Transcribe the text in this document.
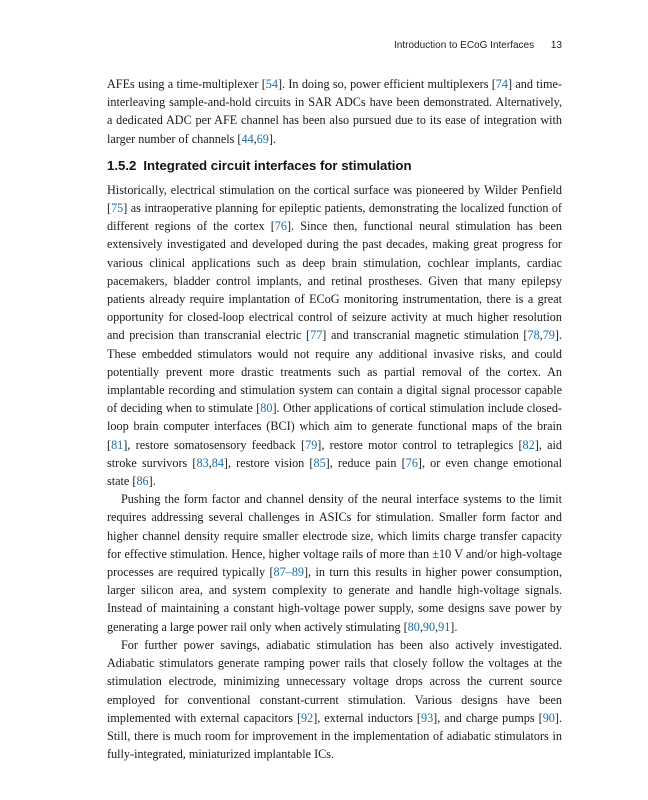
Introduction to ECoG Interfaces 13

AFEs using a time-multiplexer [54]. In doing so, power efficient multiplexers [74] and time-interleaving sample-and-hold circuits in SAR ADCs have been demonstrated. Alternatively, a dedicated ADC per AFE channel has been also pursued due to its ease of integration with larger number of channels [44,69].

1.5.2 Integrated circuit interfaces for stimulation

Historically, electrical stimulation on the cortical surface was pioneered by Wilder Penfield [75] as intraoperative planning for epileptic patients, demonstrating the localized function of different regions of the cortex [76]. Since then, functional neural stimulation has been extensively investigated and developed during the past decades, making great progress for various clinical applications such as deep brain stimulation, cochlear implants, cardiac pacemakers, bladder control implants, and retinal prostheses. Given that many epilepsy patients already require implantation of ECoG monitoring instrumentation, there is a great opportunity for closed-loop electrical control of seizure activity at much higher resolution and precision than transcranial electric [77] and transcranial magnetic stimulation [78,79]. These embedded stimulators would not require any additional invasive risks, and could potentially prevent more drastic treatments such as partial removal of the cortex. An implantable recording and stimulation system can contain a digital signal processor capable of deciding when to stimulate [80]. Other applications of cortical stimulation include closed-loop brain computer interfaces (BCI) which aim to generate functional maps of the brain [81], restore somatosensory feedback [79], restore motor control to tetraplegics [82], aid stroke survivors [83,84], restore vision [85], reduce pain [76], or even change emotional state [86].

Pushing the form factor and channel density of the neural interface systems to the limit requires addressing several challenges in ASICs for stimulation. Smaller form factor and higher channel density require smaller electrode size, which limits charge transfer capacity for effective stimulation. Hence, higher voltage rails of more than ±10 V and/or high-voltage processes are required typically [87–89], in turn this results in higher power consumption, larger silicon area, and system complexity to generate and handle high-voltage signals. Instead of maintaining a constant high-voltage power supply, some designs save power by generating a large power rail only when actively stimulating [80,90,91].

For further power savings, adiabatic stimulation has been also actively investigated. Adiabatic stimulators generate ramping power rails that closely follow the voltages at the stimulation electrode, minimizing unnecessary voltage drops across the current source employed for conventional constant-current stimulation. Various designs have been implemented with external capacitors [92], external inductors [93], and charge pumps [90]. Still, there is much room for improvement in the implementation of adiabatic stimulators in fully-integrated, miniaturized implantable ICs.
